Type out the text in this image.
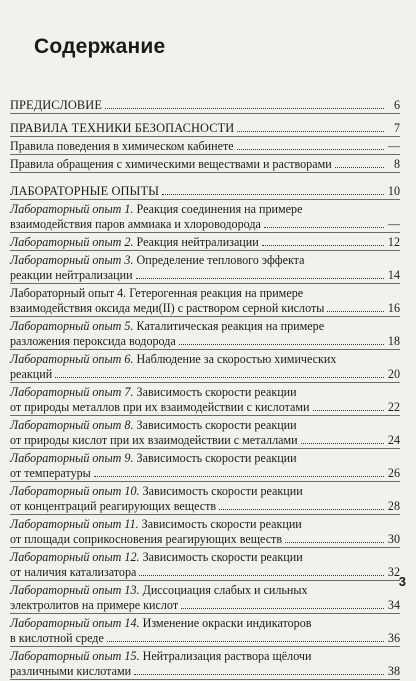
Содержание
ПРЕДИСЛОВИЕ	6
ПРАВИЛА ТЕХНИКИ БЕЗОПАСНОСТИ	7
Правила поведения в химическом кабинете	—
Правила обращения с химическими веществами и растворами	8
ЛАБОРАТОРНЫЕ ОПЫТЫ	10
Лабораторный опыт 1. Реакция соединения на примере
взаимодействия паров аммиака и хлороводорода	—
Лабораторный опыт 2. Реакция нейтрализации	12
Лабораторный опыт 3. Определение теплового эффекта
реакции нейтрализации	14
Лабораторный опыт 4. Гетерогенная реакция на примере
взаимодействия оксида меди(II) с раствором серной кислоты	16
Лабораторный опыт 5. Каталитическая реакция на примере
разложения пероксида водорода	18
Лабораторный опыт 6. Наблюдение за скоростью химических
реакций	20
Лабораторный опыт 7. Зависимость скорости реакции
от природы металлов при их взаимодействии с кислотами	22
Лабораторный опыт 8. Зависимость скорости реакции
от природы кислот при их взаимодействии с металлами	24
Лабораторный опыт 9. Зависимость скорости реакции
от температуры	26
Лабораторный опыт 10. Зависимость скорости реакции
от концентраций реагирующих веществ	28
Лабораторный опыт 11. Зависимость скорости реакции
от площади соприкосновения реагирующих веществ	30
Лабораторный опыт 12. Зависимость скорости реакции
от наличия катализатора	32
Лабораторный опыт 13. Диссоциация слабых и сильных
электролитов на примере кислот	34
Лабораторный опыт 14. Изменение окраски индикаторов
в кислотной среде	36
Лабораторный опыт 15. Нейтрализация раствора щёлочи
различными кислотами	38
3
